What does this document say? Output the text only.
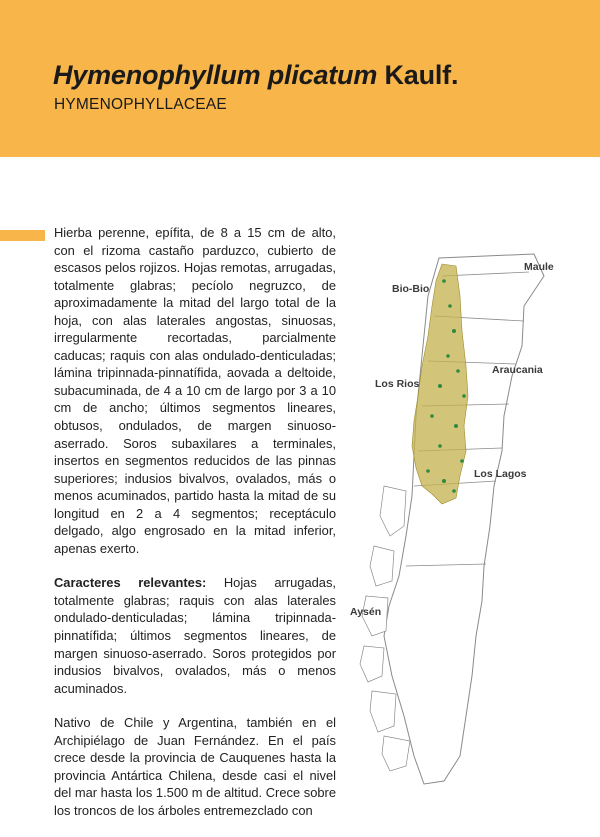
Hymenophyllum plicatum Kaulf.
HYMENOPHYLLACEAE

Hierba perenne, epífita, de 8 a 15 cm de alto, con el rizoma castaño parduzco, cubierto de escasos pelos rojizos. Hojas remotas, arrugadas, totalmente glabras; pecíolo negruzco, de aproximadamente la mitad del largo total de la hoja, con alas laterales angostas, sinuosas, irregularmente recortadas, parcialmente caducas; raquis con alas ondulado-denticuladas; lámina tripinnada-pinnatífida, aovada a deltoide, subacuminada, de 4 a 10 cm de largo por 3 a 10 cm de ancho; últimos segmentos lineares, obtusos, ondulados, de margen sinuoso-aserrado. Soros subaxilares a terminales, insertos en segmentos reducidos de las pinnas superiores; indusios bivalvos, ovalados, más o menos acuminados, partido hasta la mitad de su longitud en 2 a 4 segmentos; receptáculo delgado, algo engrosado en la mitad inferior, apenas exerto.

Caracteres relevantes: Hojas arrugadas, totalmente glabras; raquis con alas laterales ondulado-denticuladas; lámina tripinnada-pinnatífida; últimos segmentos lineares, de margen sinuoso-aserrado. Soros protegidos por indusios bivalvos, ovalados, más o menos acuminados.

Nativo de Chile y Argentina, también en el Archipiélago de Juan Fernández. En el país crece desde la provincia de Cauquenes hasta la provincia Antártica Chilena, desde casi el nivel del mar hasta los 1.500 m de altitud. Crece sobre los troncos de los árboles entremezclado con

Maule
Bio-Bio
Araucania
Los Rios
Los Lagos
Aysén
